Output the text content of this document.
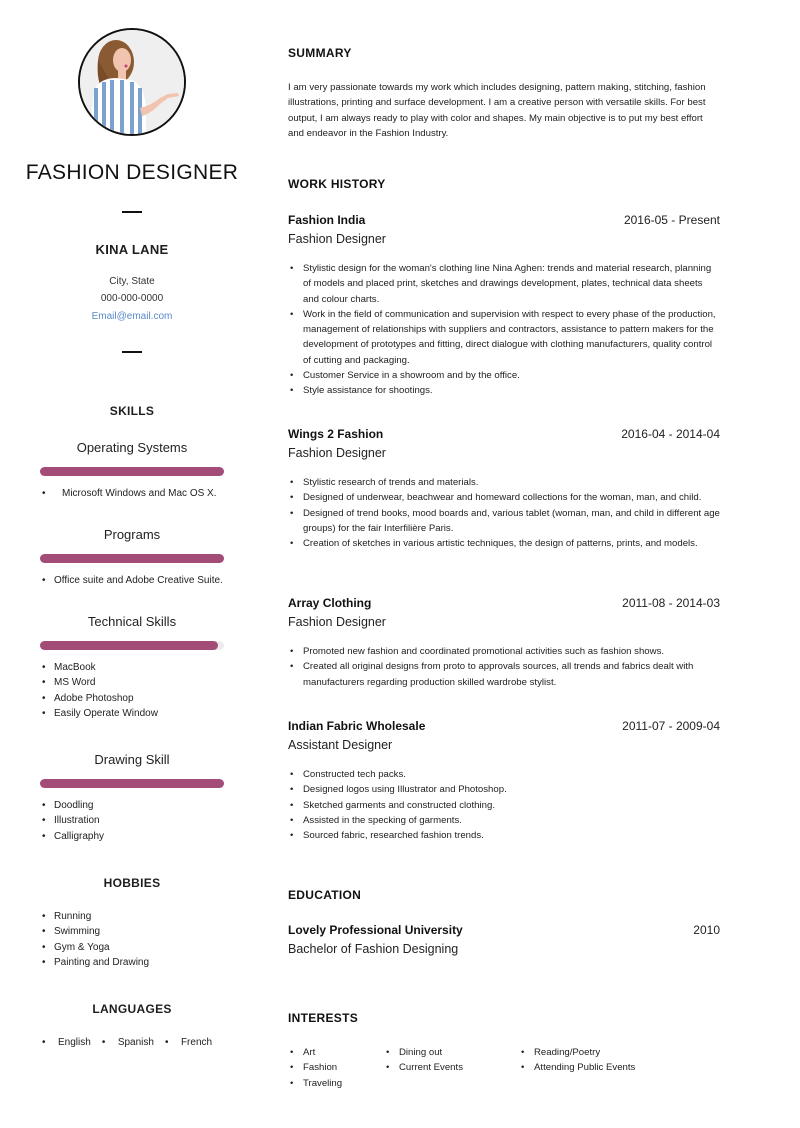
FASHION DESIGNER
KINA LANE
City, State
000-000-0000
Email@email.com
SKILLS
Operating Systems
• Microsoft Windows and Mac OS X.
Programs
• Office suite and Adobe Creative Suite.
Technical Skills
• MacBook
• MS Word
• Adobe Photoshop
• Easily Operate Window
Drawing Skill
• Doodling
• Illustration
• Calligraphy
HOBBIES
• Running
• Swimming
• Gym & Yoga
• Painting and Drawing
LANGUAGES
• English	• Spanish	• French
SUMMARY

I am very passionate towards my work which includes designing, pattern making, stitching, fashion illustrations, printing and surface development. I am a creative person with versatile skills. For best output, I am always ready to play with color and shapes. My main objective is to put my best effort and endeavor in the Fashion Industry.

WORK HISTORY
Fashion India	2016-05 - Present
Fashion Designer
• Stylistic design for the woman's clothing line Nina Aghen: trends and material research, planning of models and placed print, sketches and drawings development, plates, technical data sheets and colour charts.
• Work in the field of communication and supervision with respect to every phase of the production, management of relationships with suppliers and contractors, assistance to pattern makers for the development of prototypes and fitting, direct dialogue with clothing manufacturers, quality control of cutting and packaging.
• Customer Service in a showroom and by the office.
• Style assistance for shootings.
Wings 2 Fashion	2016-04 - 2014-04
Fashion Designer
• Stylistic research of trends and materials.
• Designed of underwear, beachwear and homeward collections for the woman, man, and child.
• Designed of trend books, mood boards and, various tablet (woman, man, and child in different age groups) for the fair Interfilière Paris.
• Creation of sketches in various artistic techniques, the design of patterns, prints, and models.
Array Clothing	2011-08 - 2014-03
Fashion Designer
• Promoted new fashion and coordinated promotional activities such as fashion shows.
• Created all original designs from proto to approvals sources, all trends and fabrics dealt with manufacturers regarding production skilled wardrobe stylist.
Indian Fabric Wholesale	2011-07 - 2009-04
Assistant Designer
• Constructed tech packs.
• Designed logos using Illustrator and Photoshop.
• Sketched garments and constructed clothing.
• Assisted in the specking of garments.
• Sourced fabric, researched fashion trends.
EDUCATION
Lovely Professional University	2010
Bachelor of Fashion Designing
INTERESTS
• Art
• Fashion
• Traveling
• Dining out
• Current Events
• Reading/Poetry
• Attending Public Events
